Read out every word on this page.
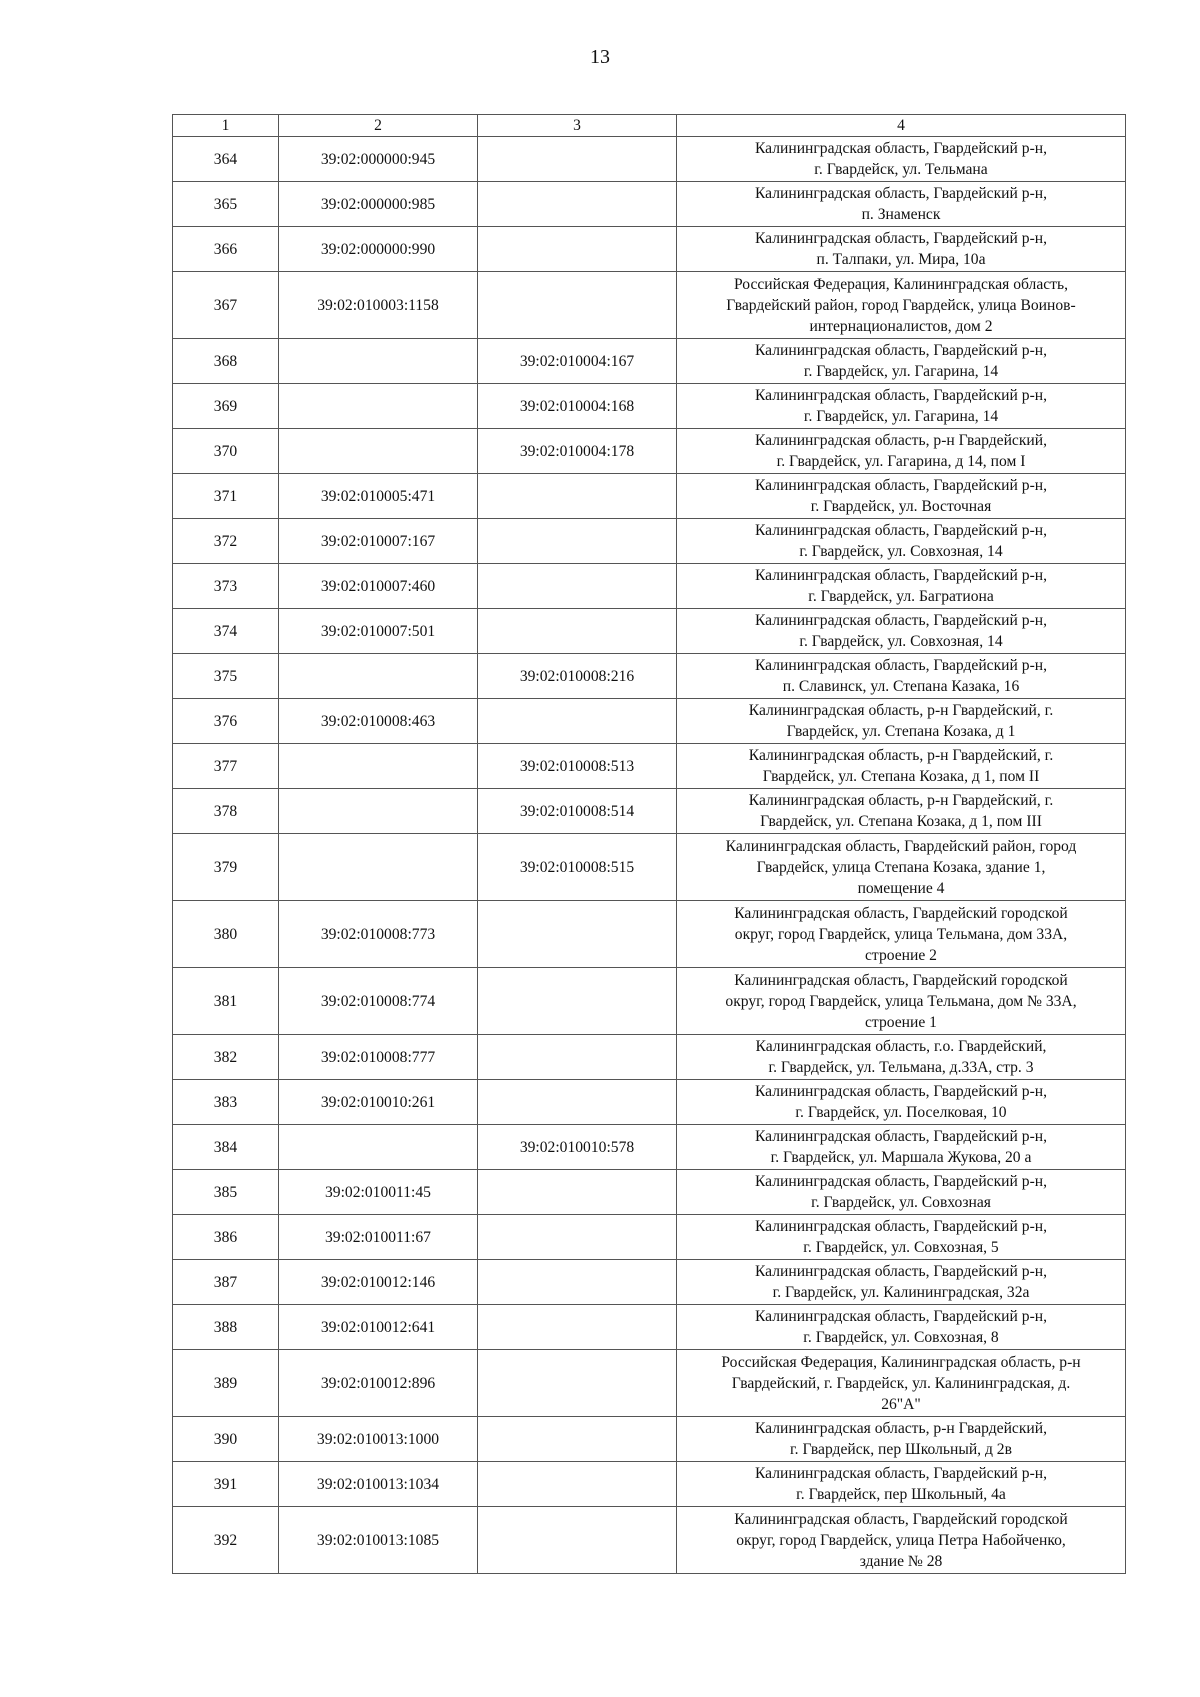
13
1	2	3	4
364	39:02:000000:945		Калининградская область, Гвардейский р-н,
г. Гвардейск, ул. Тельмана

365	39:02:000000:985		Калининградская область, Гвардейский р-н,
п. Знаменск

366	39:02:000000:990		Калининградская область, Гвардейский р-н,
п. Талпаки, ул. Мира, 10а

367	39:02:010003:1158		Российская Федерация, Калининградская область,
Гвардейский район, город Гвардейск, улица Воинов-
интернационалистов, дом 2

368		39:02:010004:167	Калининградская область, Гвардейский р-н,
г. Гвардейск, ул. Гагарина, 14

369		39:02:010004:168	Калининградская область, Гвардейский р-н,
г. Гвардейск, ул. Гагарина, 14

370		39:02:010004:178	Калининградская область, р-н Гвардейский,
г. Гвардейск, ул. Гагарина, д 14, пом I

371	39:02:010005:471		Калининградская область, Гвардейский р-н,
г. Гвардейск, ул. Восточная

372	39:02:010007:167		Калининградская область, Гвардейский р-н,
г. Гвардейск, ул. Совхозная, 14

373	39:02:010007:460		Калининградская область, Гвардейский р-н,
г. Гвардейск, ул. Багратиона

374	39:02:010007:501		Калининградская область, Гвардейский р-н,
г. Гвардейск, ул. Совхозная, 14

375		39:02:010008:216	Калининградская область, Гвардейский р-н,
п. Славинск, ул. Степана Казака, 16

376	39:02:010008:463		Калининградская область, р-н Гвардейский, г.
Гвардейск, ул. Степана Козака, д 1

377		39:02:010008:513	Калининградская область, р-н Гвардейский, г.
Гвардейск, ул. Степана Козака, д 1, пом II

378		39:02:010008:514	Калининградская область, р-н Гвардейский, г.
Гвардейск, ул. Степана Козака, д 1, пом III

379		39:02:010008:515	Калининградская область, Гвардейский район, город
Гвардейск, улица Степана Козака, здание 1,
помещение 4

380	39:02:010008:773		Калининградская область, Гвардейский городской
округ, город Гвардейск, улица Тельмана, дом 33А,
строение 2

381	39:02:010008:774		Калининградская область, Гвардейский городской
округ, город Гвардейск, улица Тельмана, дом № 33А,
строение 1

382	39:02:010008:777		Калининградская область, г.о. Гвардейский,
г. Гвардейск, ул. Тельмана, д.33А, стр. 3

383	39:02:010010:261		Калининградская область, Гвардейский р-н,
г. Гвардейск, ул. Поселковая, 10

384		39:02:010010:578	Калининградская область, Гвардейский р-н,
г. Гвардейск, ул. Маршала Жукова, 20 а

385	39:02:010011:45		Калининградская область, Гвардейский р-н,
г. Гвардейск, ул. Совхозная

386	39:02:010011:67		Калининградская область, Гвардейский р-н,
г. Гвардейск, ул. Совхозная, 5

387	39:02:010012:146		Калининградская область, Гвардейский р-н,
г. Гвардейск, ул. Калининградская, 32а

388	39:02:010012:641		Калининградская область, Гвардейский р-н,
г. Гвардейск, ул. Совхозная, 8

389	39:02:010012:896		Российская Федерация, Калининградская область, р-н
Гвардейский, г. Гвардейск, ул. Калининградская, д.
26"А"

390	39:02:010013:1000		Калининградская область, р-н Гвардейский,
г. Гвардейск, пер Школьный, д 2в

391	39:02:010013:1034		Калининградская область, Гвардейский р-н,
г. Гвардейск, пер Школьный, 4а

392	39:02:010013:1085		Калининградская область, Гвардейский городской
округ, город Гвардейск, улица Петра Набойченко,
здание № 28
